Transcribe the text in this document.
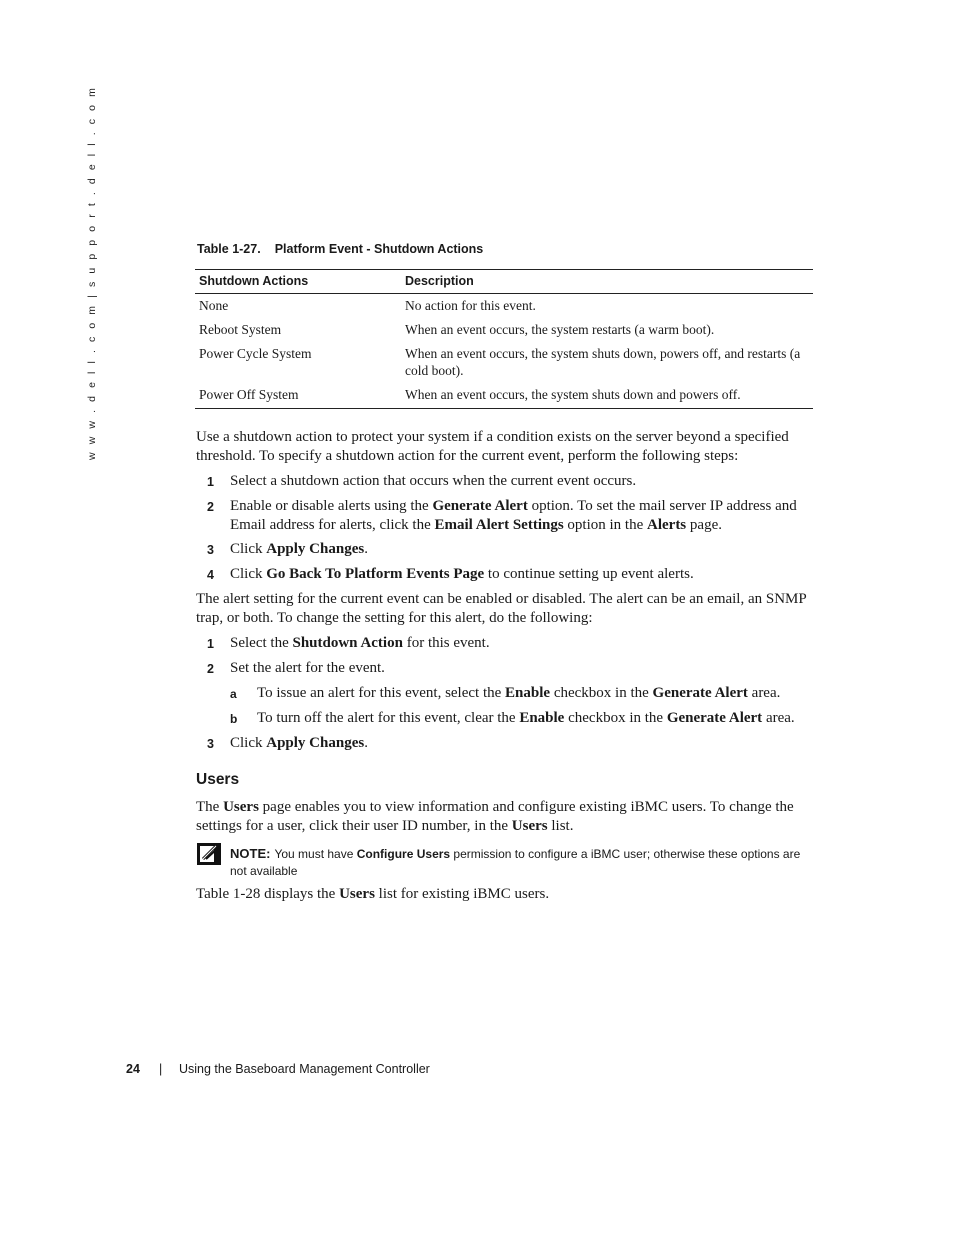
w w w . d e l l . c o m | s u p p o r t . d e l l . c o m	Table 1-27. Platform Event - Shutdown Actions
Shutdown Actions	Description
None	No action for this event.
Reboot System	When an event occurs, the system restarts (a warm boot).
Power Cycle System	When an event occurs, the system shuts down, powers off, and restarts (a cold boot).
Power Off System	When an event occurs, the system shuts down and powers off.
Use a shutdown action to protect your system if a condition exists on the server beyond a specified threshold. To specify a shutdown action for the current event, perform the following steps:
1 Select a shutdown action that occurs when the current event occurs.
2 Enable or disable alerts using the Generate Alert option. To set the mail server IP address and Email address for alerts, click the Email Alert Settings option in the Alerts page.
3 Click Apply Changes.
4 Click Go Back To Platform Events Page to continue setting up event alerts.
The alert setting for the current event can be enabled or disabled. The alert can be an email, an SNMP trap, or both. To change the setting for this alert, do the following:
1 Select the Shutdown Action for this event.
2 Set the alert for the event.
a To issue an alert for this event, select the Enable checkbox in the Generate Alert area.
b To turn off the alert for this event, clear the Enable checkbox in the Generate Alert area.
3 Click Apply Changes.
Users
The Users page enables you to view information and configure existing iBMC users. To change the settings for a user, click their user ID number, in the Users list.
NOTE: You must have Configure Users permission to configure a iBMC user; otherwise these options are not available
Table 1-28 displays the Users list for existing iBMC users.
24 | Using the Baseboard Management Controller
